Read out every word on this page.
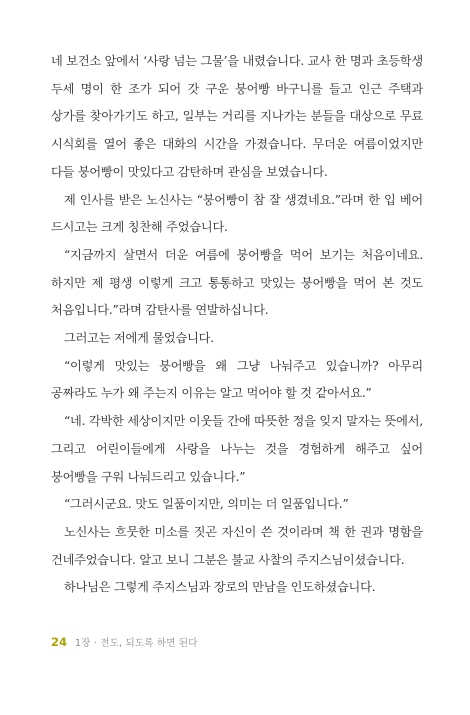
네 보건소 앞에서 ‘사랑 넘는 그물’을 내렸습니다. 교사 한 명과 초등학생 두세 명이 한 조가 되어 갓 구운 붕어빵 바구니를 들고 인근 주택과 상가를 찾아가기도 하고, 일부는 거리를 지나가는 분들을 대상으로 무료 시식회를 열어 좋은 대화의 시간을 가졌습니다. 무더운 여름이었지만 다들 붕어빵이 맛있다고 감탄하며 관심을 보였습니다.

제 인사를 받은 노신사는 “붕어빵이 참 잘 생겼네요.”라며 한 입 베어 드시고는 크게 칭찬해 주었습니다.

“지금까지 살면서 더운 여름에 붕어빵을 먹어 보기는 처음이네요. 하지만 제 평생 이렇게 크고 통통하고 맛있는 붕어빵을 먹어 본 것도 처음입니다.”라며 감탄사를 연발하십니다.

그러고는 저에게 물었습니다.

“이렇게 맛있는 붕어빵을 왜 그냥 나눠주고 있습니까? 아무리 공짜라도 누가 왜 주는지 이유는 알고 먹어야 할 것 같아서요.”

“네. 각박한 세상이지만 이웃들 간에 따뜻한 정을 잊지 말자는 뜻에서, 그리고 어린이들에게 사랑을 나누는 것을 경험하게 해주고 싶어 붕어빵을 구워 나눠드리고 있습니다.”

“그러시군요. 맛도 일품이지만, 의미는 더 일품입니다.”

노신사는 흐뭇한 미소를 짓곤 자신이 쓴 것이라며 책 한 권과 명함을 건네주었습니다. 알고 보니 그분은 불교 사찰의 주지스님이셨습니다.

하나님은 그렇게 주지스님과 장로의 만남을 인도하셨습니다.

24 1장 · 전도, 되도록 하면 된다
